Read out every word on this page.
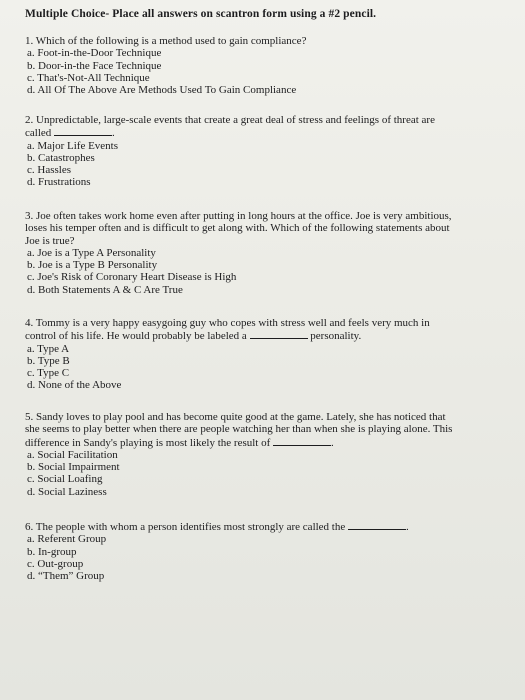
Multiple Choice- Place all answers on scantron form using a #2 pencil.
1. Which of the following is a method used to gain compliance?
a. Foot-in-the-Door Technique
b. Door-in-the Face Technique
c. That's-Not-All Technique
d. All Of The Above Are Methods Used To Gain Compliance
2. Unpredictable, large-scale events that create a great deal of stress and feelings of threat are
called	.
a. Major Life Events
b. Catastrophes
c. Hassles
d. Frustrations
3. Joe often takes work home even after putting in long hours at the office. Joe is very ambitious,
loses his temper often and is difficult to get along with. Which of the following statements about
Joe is true?
a. Joe is a Type A Personality
b. Joe is a Type B Personality
c. Joe's Risk of Coronary Heart Disease is High
d. Both Statements A & C Are True
4. Tommy is a very happy easygoing guy who copes with stress well and feels very much in
control of his life. He would probably be labeled a	personality.
a. Type A
b. Type B
c. Type C
d. None of the Above
5. Sandy loves to play pool and has become quite good at the game. Lately, she has noticed that
she seems to play better when there are people watching her than when she is playing alone. This
difference in Sandy's playing is most likely the result of	.
a. Social Facilitation
b. Social Impairment
c. Social Loafing
d. Social Laziness
6. The people with whom a person identifies most strongly are called the	.
a. Referent Group
b. In-group
c. Out-group
d. “Them” Group
